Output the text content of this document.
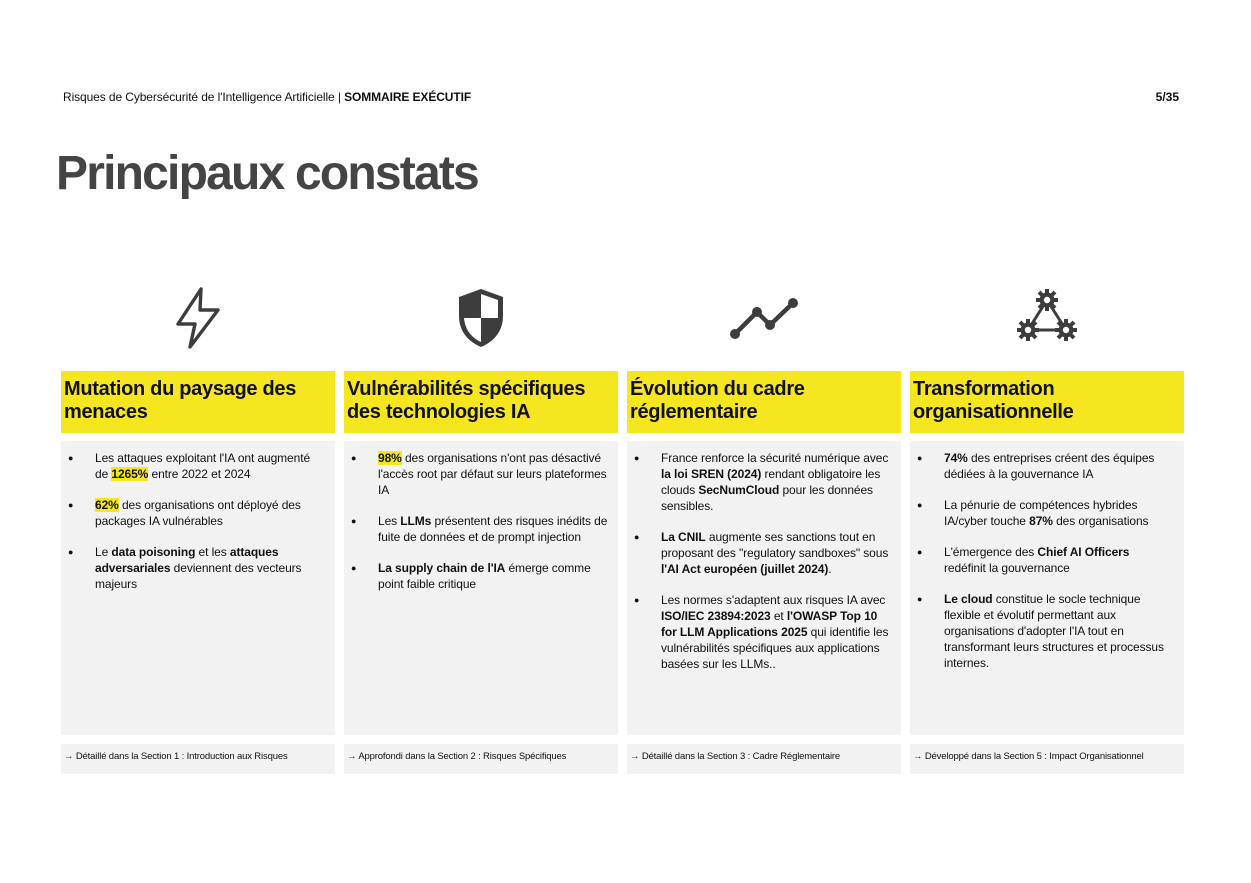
Risques de Cybersécurité de l'Intelligence Artificielle | SOMMAIRE EXÉCUTIF	5/35
Principaux constats
Mutation du paysage des menaces
● Les attaques exploitant l'IA ont augmenté de 1265% entre 2022 et 2024
● 62% des organisations ont déployé des packages IA vulnérables
● Le data poisoning et les attaques adversariales deviennent des vecteurs majeurs
→ Détaillé dans la Section 1 : Introduction aux Risques
Vulnérabilités spécifiques des technologies IA
● 98% des organisations n'ont pas désactivé l'accès root par défaut sur leurs plateformes IA
● Les LLMs présentent des risques inédits de fuite de données et de prompt injection
● La supply chain de l'IA émerge comme point faible critique
→ Approfondi dans la Section 2 : Risques Spécifiques
Évolution du cadre réglementaire
● France renforce la sécurité numérique avec la loi SREN (2024) rendant obligatoire les clouds SecNumCloud pour les données sensibles.
● La CNIL augmente ses sanctions tout en proposant des "regulatory sandboxes" sous l'AI Act européen (juillet 2024).
● Les normes s'adaptent aux risques IA avec ISO/IEC 23894:2023 et l'OWASP Top 10 for LLM Applications 2025 qui identifie les vulnérabilités spécifiques aux applications basées sur les LLMs..
→ Détaillé dans la Section 3 : Cadre Réglementaire
Transformation organisationnelle
● 74% des entreprises créent des équipes dédiées à la gouvernance IA
● La pénurie de compétences hybrides IA/cyber touche 87% des organisations
● L'émergence des Chief AI Officers redéfinit la gouvernance
● Le cloud constitue le socle technique flexible et évolutif permettant aux organisations d'adopter l'IA tout en transformant leurs structures et processus internes.
→ Développé dans la Section 5 : Impact Organisationnel
